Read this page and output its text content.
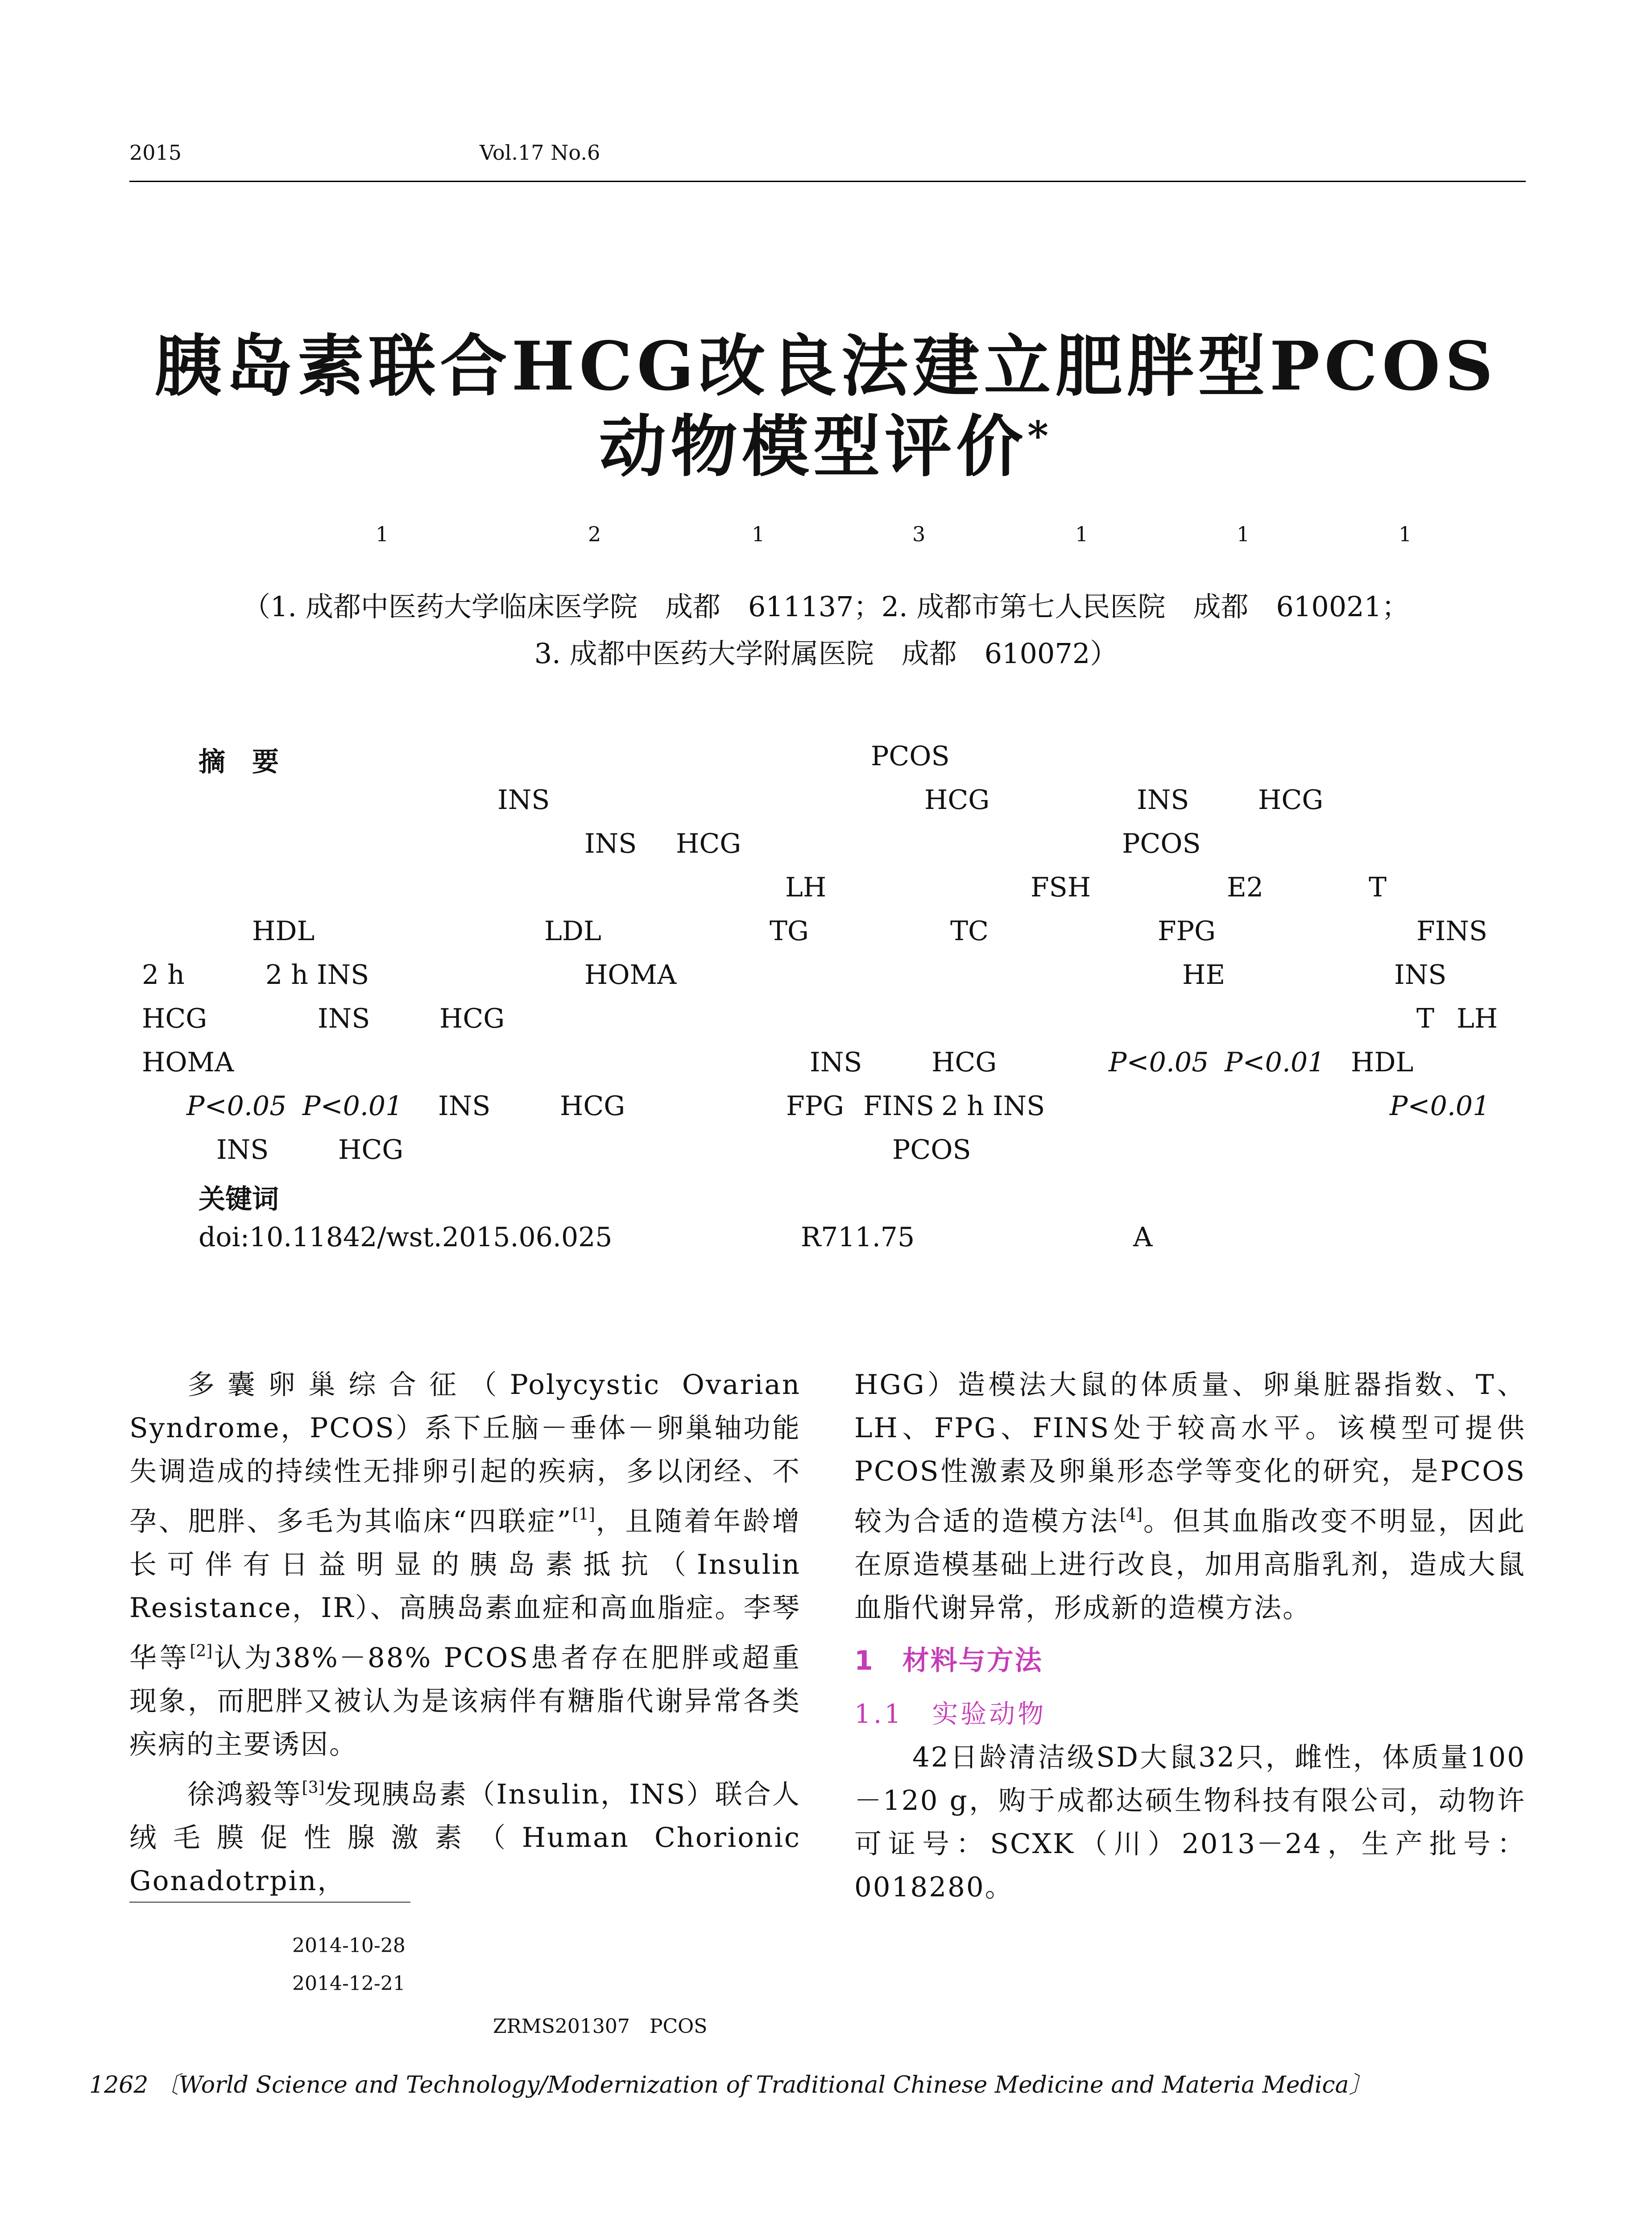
2015	Vol.17 No.6
胰岛素联合HCG改良法建立肥胖型PCOS
动物模型评价*
1	2	1	3	1	1	1
（1. 成都中医药大学临床医学院　成都　611137；2. 成都市第七人民医院　成都　610021；
3. 成都中医药大学附属医院　成都　610072）
摘　要	PCOS
INS	HCG	INS	HCG
INS HCG	PCOS
LH	FSH	E2	T
HDL	LDL	TG	TC	FPG	FINS
2 h	2 h INS	HOMA	HE	INS
HCG	INS	HCG	T LH
HOMA	INS	HCG	P<0.05 P<0.01 HDL
P<0.05 P<0.01 INS	HCG	FPG FINS 2 h INS	P<0.01
INS	HCG	PCOS
关键词
doi:10.11842/wst.2015.06.025	R711.75	A

多囊卵巢综合征（Polycystic Ovarian Syndrome，PCOS）系下丘脑－垂体－卵巢轴功能失调造成的持续性无排卵引起的疾病，多以闭经、不孕、肥胖、多毛为其临床“四联症”[1]，且随着年龄增长可伴有日益明显的胰岛素抵抗（Insulin Resistance，IR）、高胰岛素血症和高血脂症。李琴华等[2]认为38%－88% PCOS患者存在肥胖或超重现象，而肥胖又被认为是该病伴有糖脂代谢异常各类疾病的主要诱因。

徐鸿毅等[3]发现胰岛素（Insulin，INS）联合人绒毛膜促性腺激素（Human Chorionic Gonadotrpin，

HGG）造模法大鼠的体质量、卵巢脏器指数、T、LH、FPG、FINS处于较高水平。该模型可提供PCOS性激素及卵巢形态学等变化的研究，是PCOS较为合适的造模方法[4]。但其血脂改变不明显，因此在原造模基础上进行改良，加用高脂乳剂，造成大鼠血脂代谢异常，形成新的造模方法。

1　材料与方法

1.1　实验动物

42日龄清洁级SD大鼠32只，雌性，体质量100－120 g，购于成都达硕生物科技有限公司，动物许可证号：SCXK（川）2013－24，生产批号：0018280。

2014-10-28
2014-12-21
ZRMS201307　PCOS
1262 〔World Science and Technology/Modernization of Traditional Chinese Medicine and Materia Medica〕
